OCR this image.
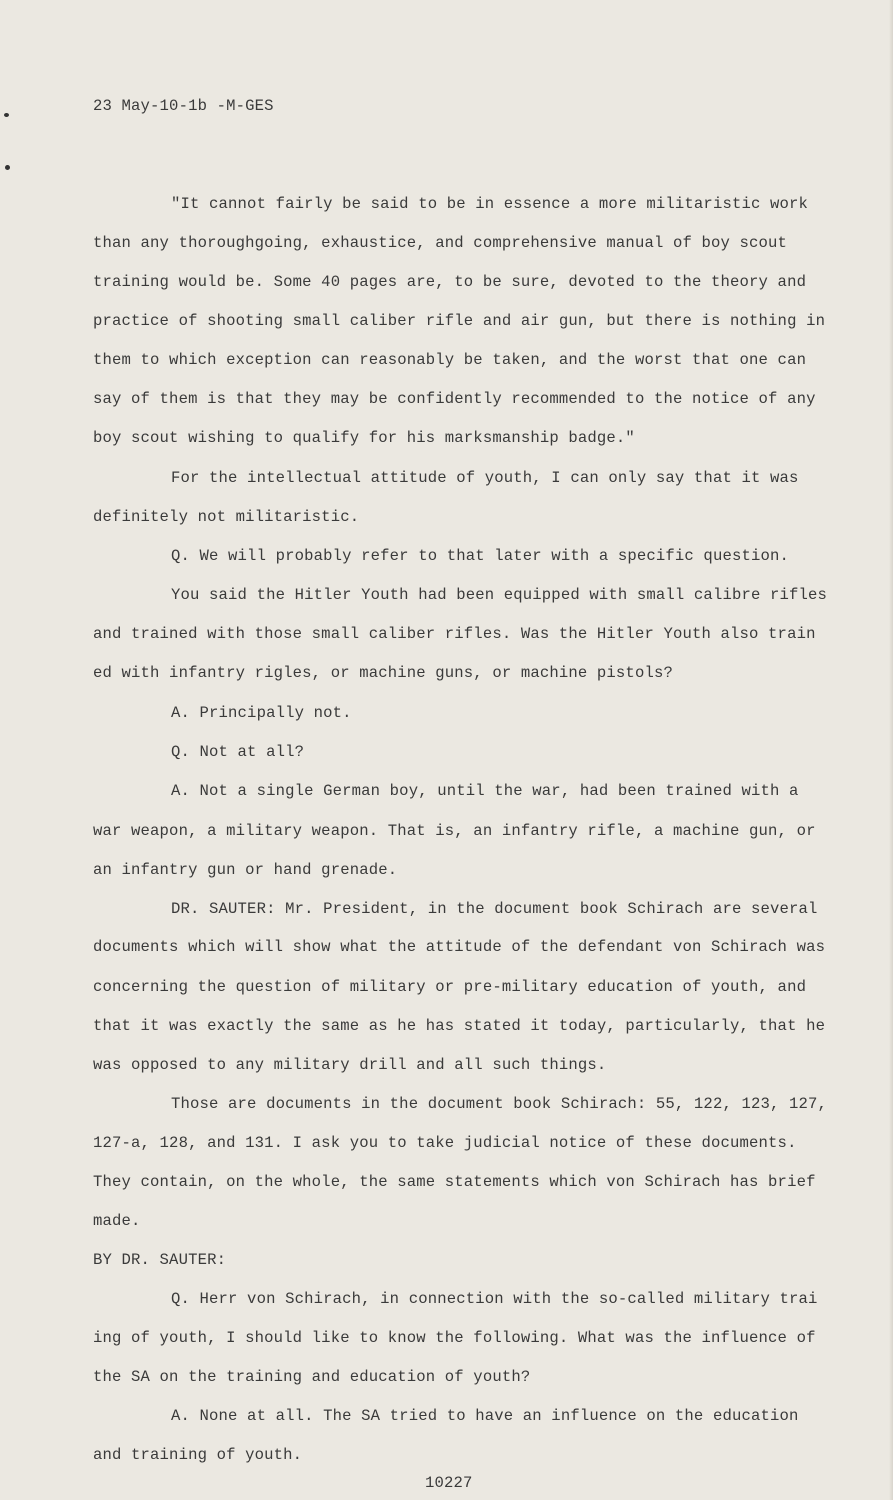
23 May-10-1b -M-GES
"It cannot fairly be said to be in essence a more militaristic work
than any thoroughgoing, exhaustice, and comprehensive manual of boy scout
training would be. Some 40 pages are, to be sure, devoted to the theory and
practice of shooting small caliber rifle and air gun, but there is nothing in
them to which exception can reasonably be taken, and the worst that one can
say of them is that they may be confidently recommended to the notice of any
boy scout wishing to qualify for his marksmanship badge."
For the intellectual attitude of youth, I can only say that it was
definitely not militaristic.
Q. We will probably refer to that later with a specific question.
You said the Hitler Youth had been equipped with small calibre rifles
and trained with those small caliber rifles. Was the Hitler Youth also train
ed with infantry rigles, or machine guns, or machine pistols?
A. Principally not.
Q. Not at all?
A. Not a single German boy, until the war, had been trained with a
war weapon, a military weapon. That is, an infantry rifle, a machine gun, or
an infantry gun or hand grenade.
DR. SAUTER: Mr. President, in the document book Schirach are several
documents which will show what the attitude of the defendant von Schirach was
concerning the question of military or pre-military education of youth, and
that it was exactly the same as he has stated it today, particularly, that he
was opposed to any military drill and all such things.
Those are documents in the document book Schirach: 55, 122, 123, 127,
127-a, 128, and 131. I ask you to take judicial notice of these documents.
They contain, on the whole, the same statements which von Schirach has brief
made.
BY DR. SAUTER:
Q. Herr von Schirach, in connection with the so-called military trai
ing of youth, I should like to know the following. What was the influence of
the SA on the training and education of youth?
A. None at all. The SA tried to have an influence on the education
and training of youth.
10227
